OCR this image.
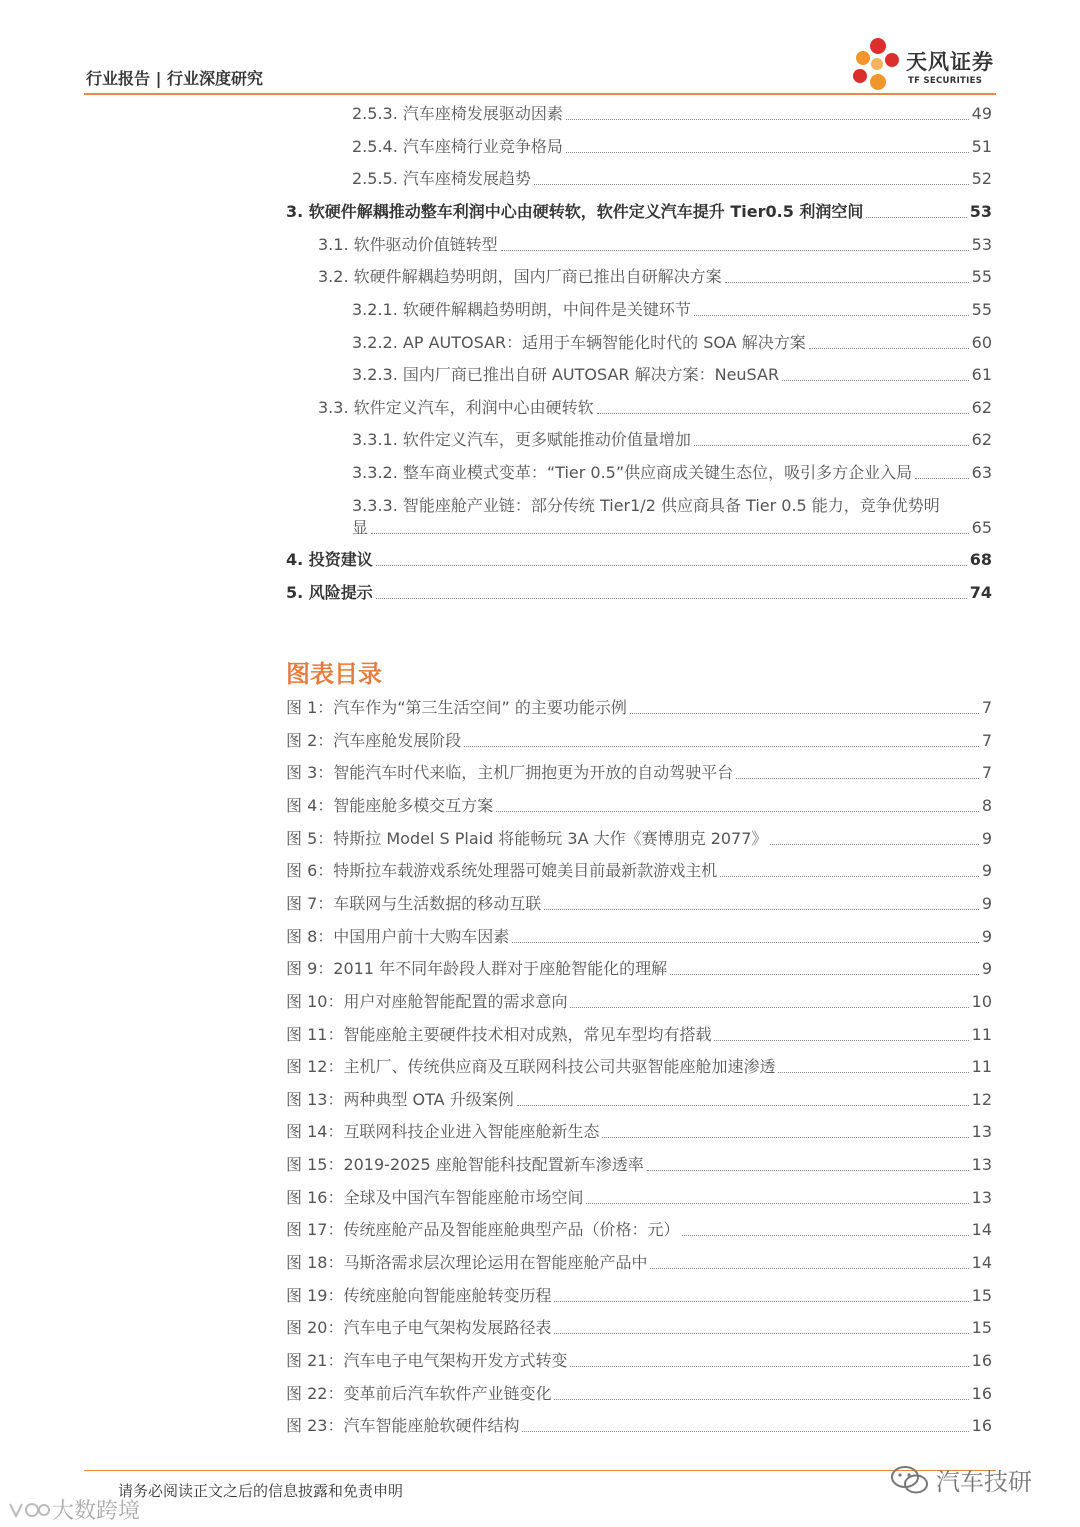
行业报告 | 行业深度研究
天风证券
TF SECURITIES
2.5.3. 汽车座椅发展驱动因素	49
2.5.4. 汽车座椅行业竞争格局	51
2.5.5. 汽车座椅发展趋势	52
3. 软硬件解耦推动整车利润中心由硬转软，软件定义汽车提升 Tier0.5 利润空间	53
3.1. 软件驱动价值链转型	53
3.2. 软硬件解耦趋势明朗，国内厂商已推出自研解决方案	55
3.2.1. 软硬件解耦趋势明朗，中间件是关键环节	55
3.2.2. AP AUTOSAR：适用于车辆智能化时代的 SOA 解决方案	60
3.2.3. 国内厂商已推出自研 AUTOSAR 解决方案：NeuSAR	61
3.3. 软件定义汽车，利润中心由硬转软	62
3.3.1. 软件定义汽车，更多赋能推动价值量增加	62
3.3.2. 整车商业模式变革：“Tier 0.5”供应商成关键生态位，吸引多方企业入局	63
3.3.3. 智能座舱产业链：部分传统 Tier1/2 供应商具备 Tier 0.5 能力，竞争优势明
显	65
4. 投资建议	68
5. 风险提示	74
图表目录
图 1：汽车作为“第三生活空间” 的主要功能示例	7
图 2：汽车座舱发展阶段	7
图 3：智能汽车时代来临，主机厂拥抱更为开放的自动驾驶平台	7
图 4：智能座舱多模交互方案	8
图 5：特斯拉 Model S Plaid 将能畅玩 3A 大作《赛博朋克 2077》	9
图 6：特斯拉车载游戏系统处理器可媲美目前最新款游戏主机	9
图 7：车联网与生活数据的移动互联	9
图 8：中国用户前十大购车因素	9
图 9：2011 年不同年龄段人群对于座舱智能化的理解	9
图 10：用户对座舱智能配置的需求意向	10
图 11：智能座舱主要硬件技术相对成熟，常见车型均有搭载	11
图 12：主机厂、传统供应商及互联网科技公司共驱智能座舱加速渗透	11
图 13：两种典型 OTA 升级案例	12
图 14：互联网科技企业进入智能座舱新生态	13
图 15：2019-2025 座舱智能科技配置新车渗透率	13
图 16：全球及中国汽车智能座舱市场空间	13
图 17：传统座舱产品及智能座舱典型产品（价格：元）	14
图 18：马斯洛需求层次理论运用在智能座舱产品中	14
图 19：传统座舱向智能座舱转变历程	15
图 20：汽车电子电气架构发展路径表	15
图 21：汽车电子电气架构开发方式转变	16
图 22：变革前后汽车软件产业链变化	16
图 23：汽车智能座舱软硬件结构	16
请务必阅读正文之后的信息披露和免责申明	汽车技研
大数跨境
